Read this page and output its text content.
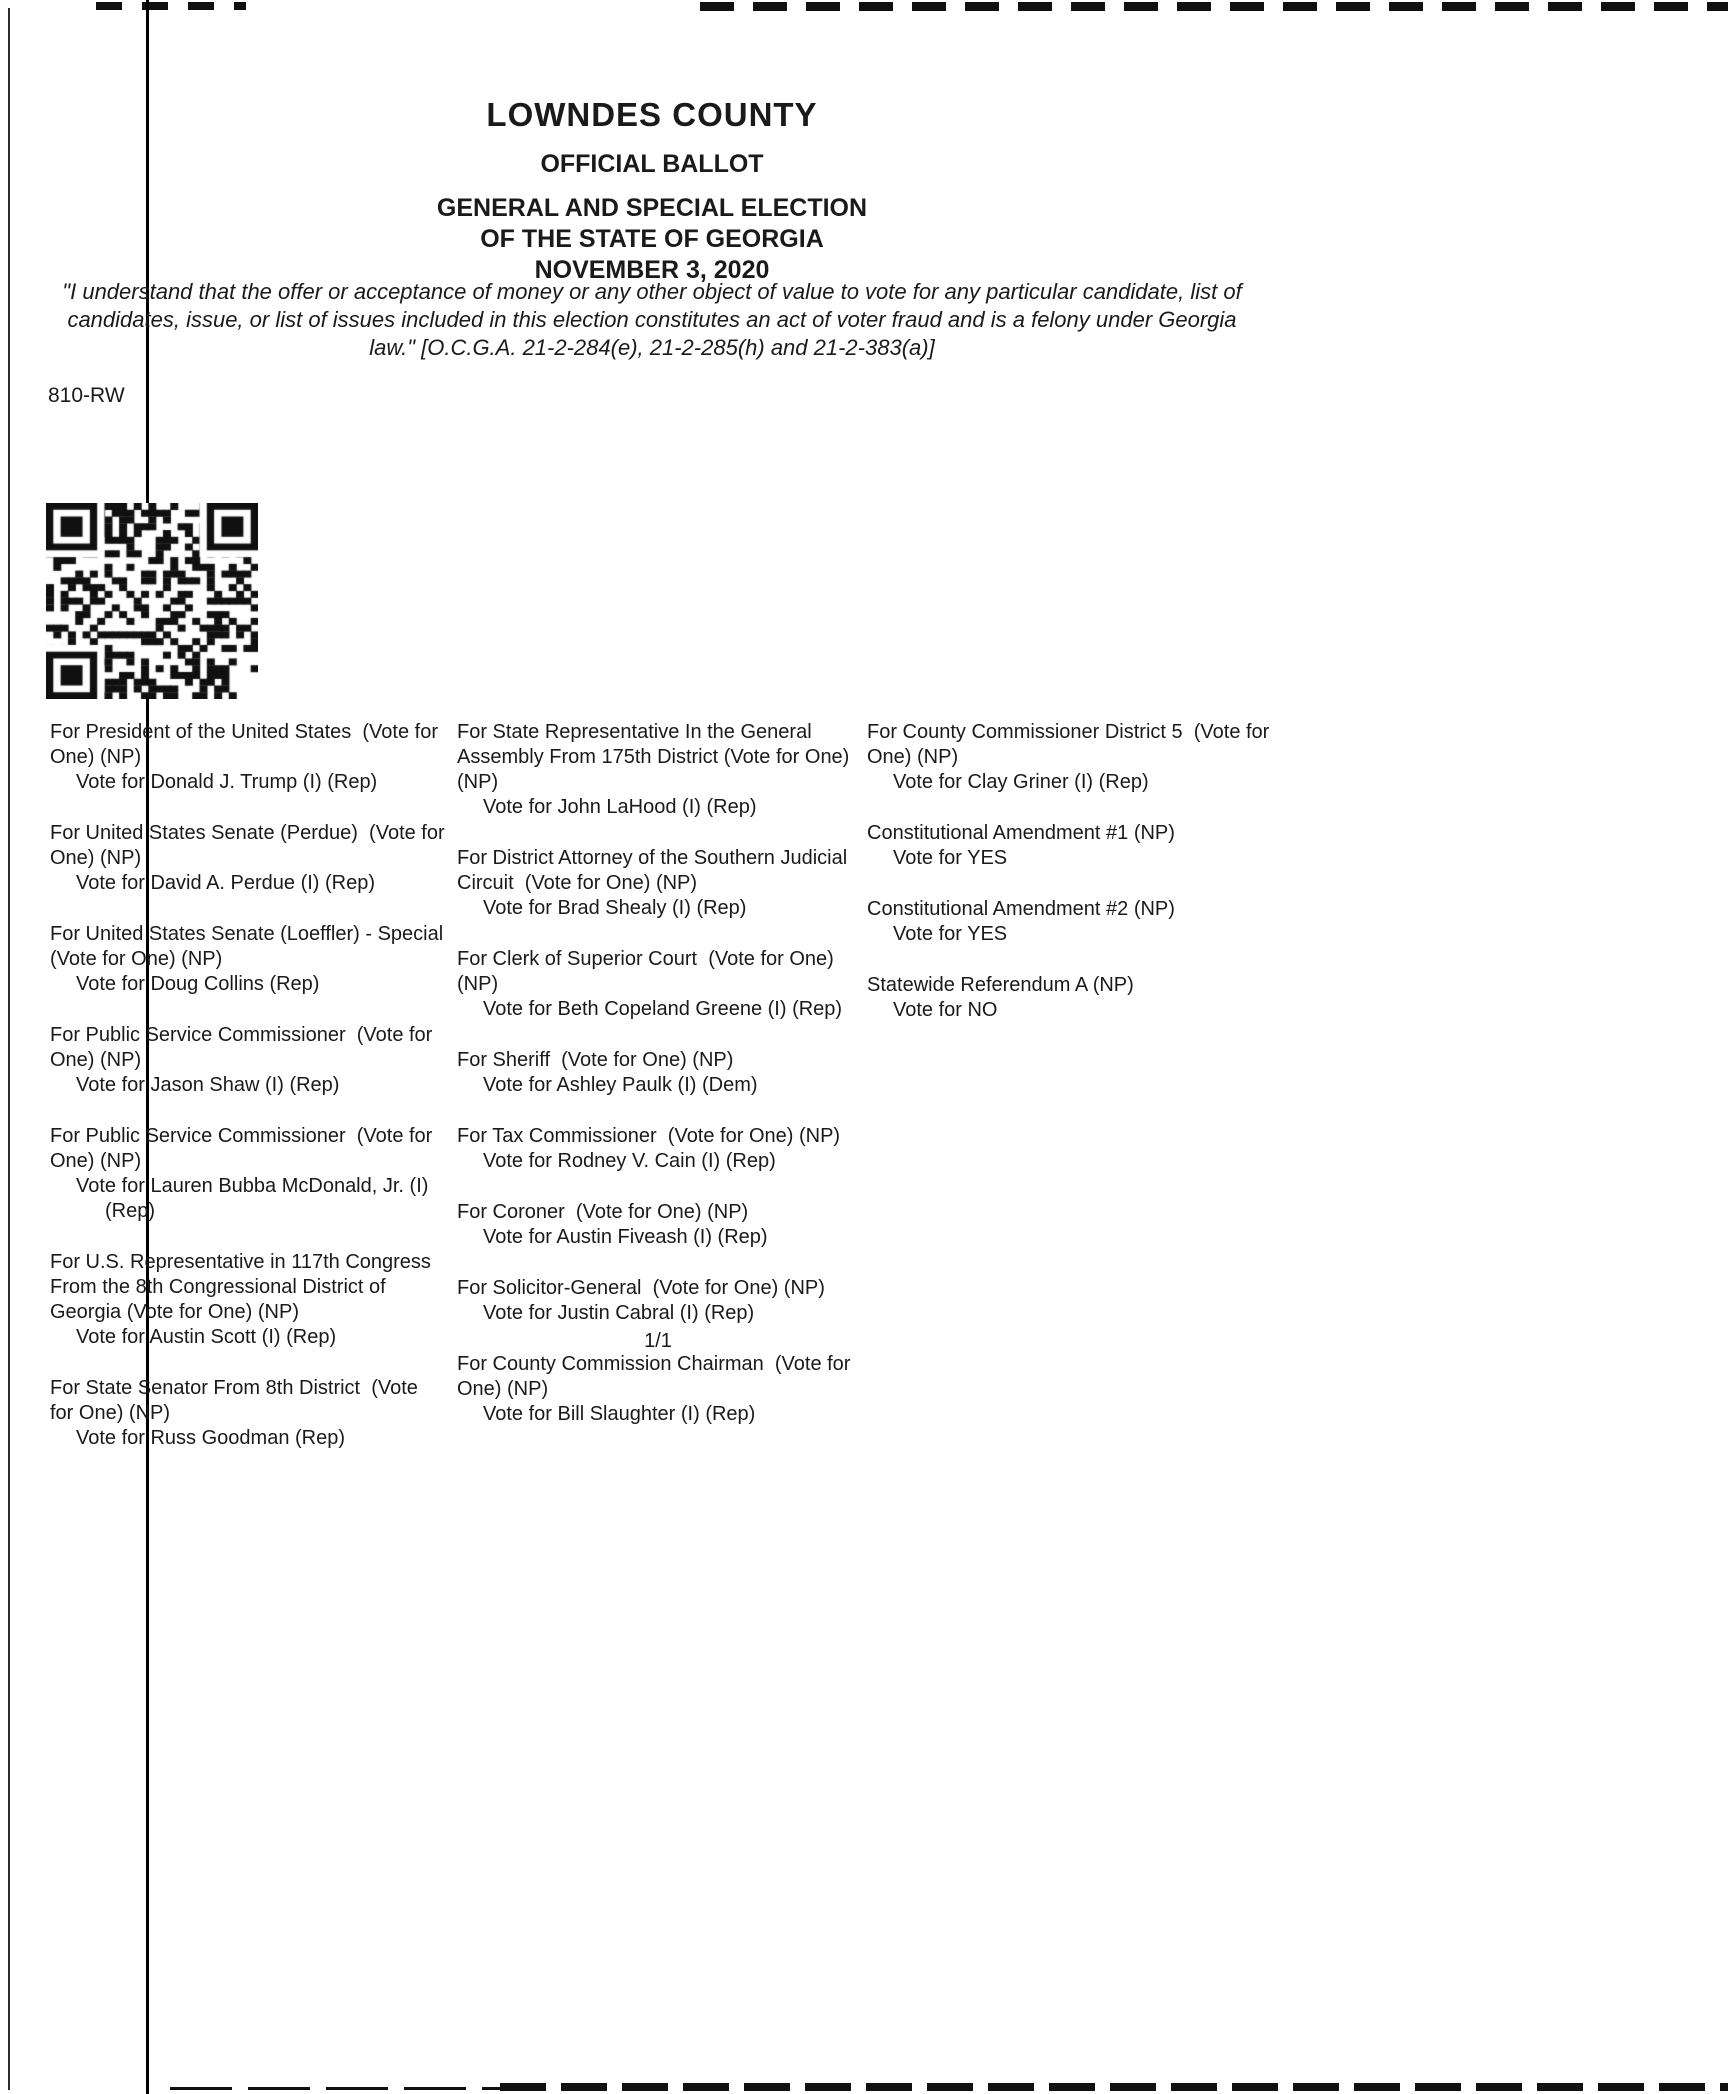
LOWNDES COUNTY
OFFICIAL BALLOT
GENERAL AND SPECIAL ELECTION
OF THE STATE OF GEORGIA
NOVEMBER 3, 2020
"I understand that the offer or acceptance of money or any other object of value to vote for any particular candidate, list of candidates, issue, or list of issues included in this election constitutes an act of voter fraud and is a felony under Georgia law." [O.C.G.A. 21-2-284(e), 21-2-285(h) and 21-2-383(a)]
810-RW
For President of the United States  (Vote for One) (NP)
Vote for Donald J. Trump (I) (Rep)
For United States Senate (Perdue)  (Vote for One) (NP)
Vote for David A. Perdue (I) (Rep)
For United States Senate (Loeffler) - Special  (Vote for One) (NP)
Vote for Doug Collins (Rep)
For Public Service Commissioner  (Vote for One) (NP)
Vote for Jason Shaw (I) (Rep)
For Public Service Commissioner  (Vote for One) (NP)
Vote for Lauren Bubba McDonald, Jr. (I) (Rep)
For U.S. Representative in 117th Congress From the 8th Congressional District of Georgia (Vote for One) (NP)
Vote for Austin Scott (I) (Rep)
For State Senator From 8th District  (Vote for One) (NP)
Vote for Russ Goodman (Rep)
For State Representative In the General Assembly From 175th District (Vote for One) (NP)
Vote for John LaHood (I) (Rep)
For District Attorney of the Southern Judicial Circuit  (Vote for One) (NP)
Vote for Brad Shealy (I) (Rep)
For Clerk of Superior Court  (Vote for One) (NP)
Vote for Beth Copeland Greene (I) (Rep)
For Sheriff  (Vote for One) (NP)
Vote for Ashley Paulk (I) (Dem)
For Tax Commissioner  (Vote for One) (NP)
Vote for Rodney V. Cain (I) (Rep)
For Coroner  (Vote for One) (NP)
Vote for Austin Fiveash (I) (Rep)
For Solicitor-General  (Vote for One) (NP)
Vote for Justin Cabral (I) (Rep)
For County Commission Chairman  (Vote for One) (NP)
Vote for Bill Slaughter (I) (Rep)
For County Commissioner District 5  (Vote for One) (NP)
Vote for Clay Griner (I) (Rep)
Constitutional Amendment #1 (NP)
Vote for YES
Constitutional Amendment #2 (NP)
Vote for YES
Statewide Referendum A (NP)
Vote for NO
1/1
